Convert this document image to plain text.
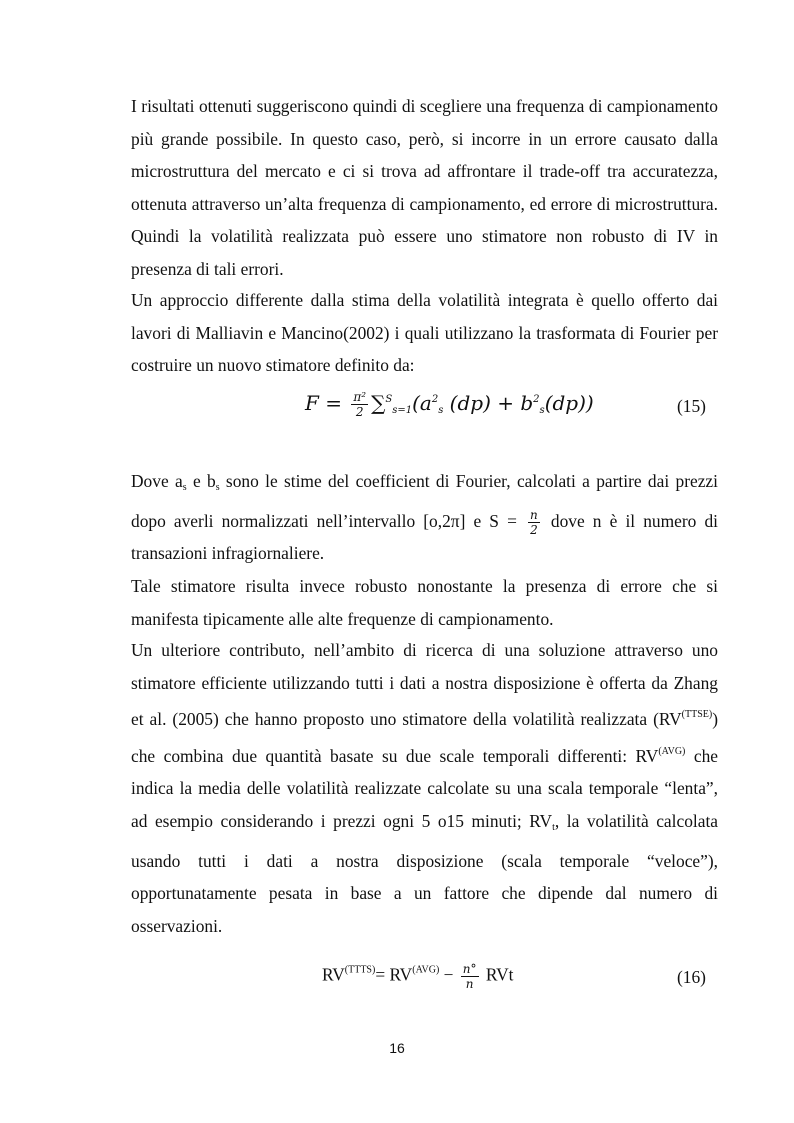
I risultati ottenuti suggeriscono quindi di scegliere una frequenza di campionamento più grande possibile. In questo caso, però, si incorre in un errore causato dalla microstruttura del mercato e ci si trova ad affrontare il trade-off tra accuratezza, ottenuta attraverso un’alta frequenza di campionamento, ed errore di microstruttura. Quindi la volatilità realizzata può essere uno stimatore non robusto di IV in presenza di tali errori.

Un approccio differente dalla stima della volatilità integrata è quello offerto dai lavori di Malliavin e Mancino(2002) i quali utilizzano la trasformata di Fourier per costruire un nuovo stimatore definito da:

$F = \frac{\text{π²}}{2} \sum^S_{s=1}(a^2_s$ $(dp) + b^2_s(dp)$)	(15)

Dove $a_s$ e $b_s$ sono le stime del coefficient di Fourier, calcolati a partire dai prezzi dopo averli normalizzati nell’intervallo [o,2π] e $S = \frac{n}{2}$ dove n è il numero di transazioni infragiornaliere.

Tale stimatore risulta invece robusto nonostante la presenza di errore che si manifesta tipicamente alle alte frequenze di campionamento.

Un ulteriore contributo, nell’ambito di ricerca di una soluzione attraverso uno stimatore efficiente utilizzando tutti i dati a nostra disposizione è offerta da Zhang et al. (2005) che hanno proposto uno stimatore della volatilità realizzata $(RV^{(TTSE)})$ che combina due quantità basate su due scale temporali differenti: $RV^{(AVG)}$ che indica la media delle volatilità realizzate calcolate su una scala temporale “lenta”, ad esempio considerando i prezzi ogni 5 o15 minuti; $RV_t$, la volatilità calcolata usando tutti i dati a nostra disposizione (scala temporale “veloce”), opportunatamente pesata in base a un fattore che dipende dal numero di osservazioni.

$RV^{(TTTS)}= RV^{(AVG)} - \frac{n^\circ}{n}$ RVt	(16)
16
